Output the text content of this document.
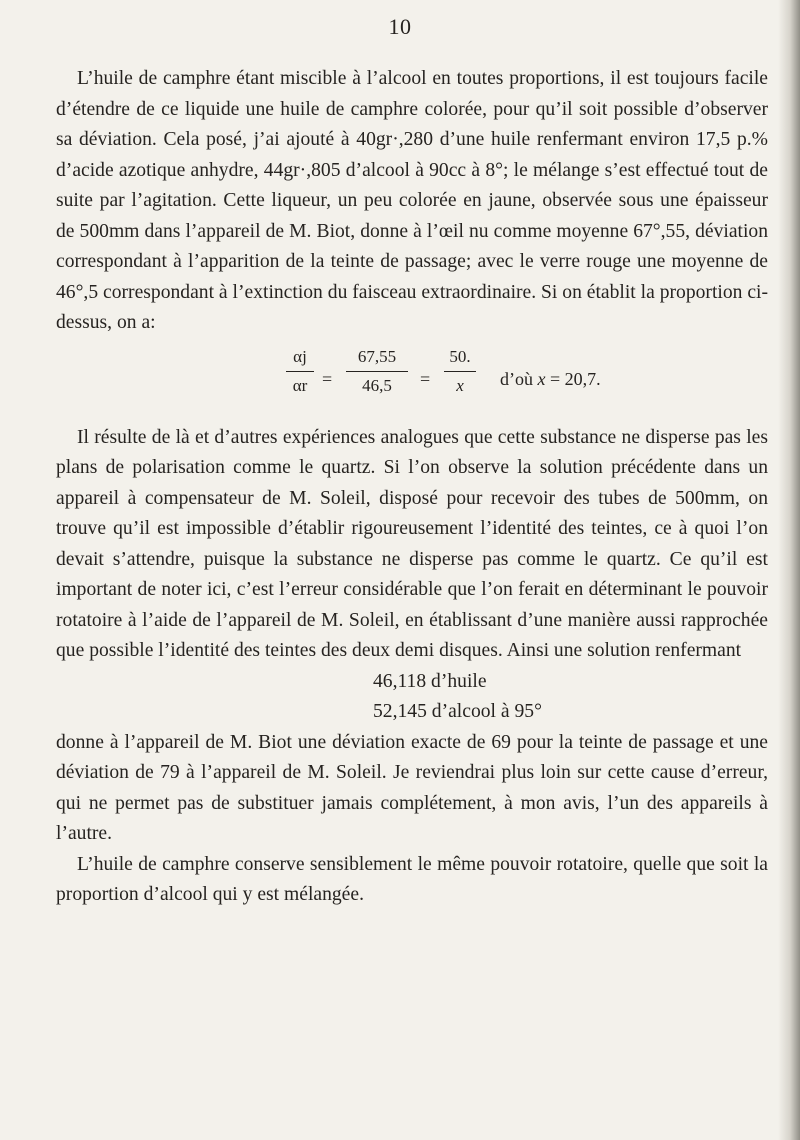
10

L’huile de camphre étant miscible à l’alcool en toutes proportions, il est toujours facile d’étendre de ce liquide une huile de camphre colorée, pour qu’il soit possible d’observer sa déviation. Cela posé, j’ai ajouté à 40gr·,280 d’une huile renfermant environ 17,5 p.% d’acide azotique anhydre, 44gr·,805 d’alcool à 90cc à 8°; le mélange s’est effectué tout de suite par l’agitation. Cette liqueur, un peu colorée en jaune, observée sous une épaisseur de 500mm dans l’appareil de M. Biot, donne à l’œil nu comme moyenne 67°,55, déviation correspondant à l’apparition de la teinte de passage; avec le verre rouge une moyenne de 46°,5 correspondant à l’extinction du faisceau extraordinaire. Si on établit la proportion ci-dessus, on a:

αj
αr =
67,55
46,5	=
50.
x	d’où x = 20,7.

Il résulte de là et d’autres expériences analogues que cette substance ne disperse pas les plans de polarisation comme le quartz. Si l’on observe la solution précédente dans un appareil à compensateur de M. Soleil, disposé pour recevoir des tubes de 500mm, on trouve qu’il est impossible d’établir rigoureusement l’identité des teintes, ce à quoi l’on devait s’attendre, puisque la substance ne disperse pas comme le quartz. Ce qu’il est important de noter ici, c’est l’erreur considérable que l’on ferait en déterminant le pouvoir rotatoire à l’aide de l’appareil de M. Soleil, en établissant d’une manière aussi rapprochée que possible l’identité des teintes des deux demi disques. Ainsi une solution renfermant

46,118 d’huile
52,145 d’alcool à 95°

donne à l’appareil de M. Biot une déviation exacte de 69 pour la teinte de passage et une déviation de 79 à l’appareil de M. Soleil. Je reviendrai plus loin sur cette cause d’erreur, qui ne permet pas de substituer jamais complétement, à mon avis, l’un des appareils à l’autre.

L’huile de camphre conserve sensiblement le même pouvoir rotatoire, quelle que soit la proportion d’alcool qui y est mélangée.
